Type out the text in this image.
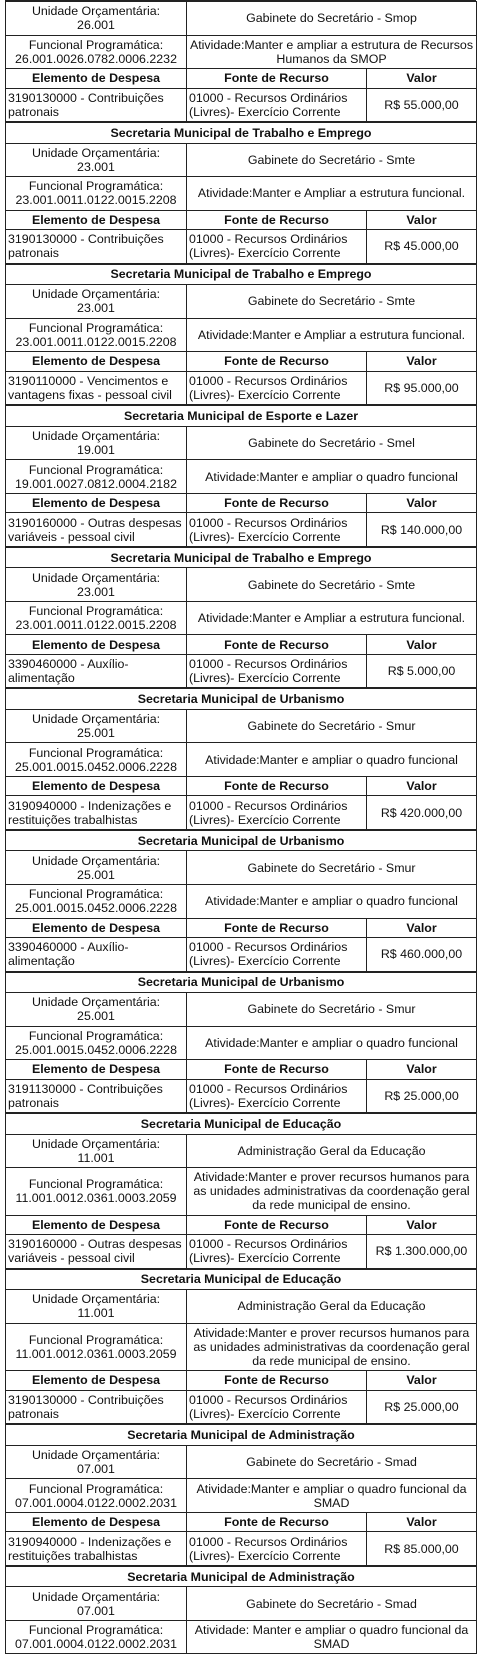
Unidade Orçamentária:
26.001	Gabinete do Secretário - Smop	
Funcional Programática:
26.001.0026.0782.0006.2232	Atividade:Manter e ampliar a estrutura de Recursos Humanos da SMOP	
Elemento de Despesa	Fonte de Recurso	Valor
3190130000 - Contribuições patronais	01000 - Recursos Ordinários (Livres)- Exercício Corrente	R$ 55.000,00
Secretaria Municipal de Trabalho e Emprego		
Unidade Orçamentária:
23.001	Gabinete do Secretário - Smte	
Funcional Programática:
23.001.0011.0122.0015.2208	Atividade:Manter e Ampliar a estrutura funcional.	
Elemento de Despesa	Fonte de Recurso	Valor
3190130000 - Contribuições patronais	01000 - Recursos Ordinários (Livres)- Exercício Corrente	R$ 45.000,00
Secretaria Municipal de Trabalho e Emprego		
Unidade Orçamentária:
23.001	Gabinete do Secretário - Smte	
Funcional Programática:
23.001.0011.0122.0015.2208	Atividade:Manter e Ampliar a estrutura funcional.	
Elemento de Despesa	Fonte de Recurso	Valor
3190110000 - Vencimentos e vantagens fixas - pessoal civil	01000 - Recursos Ordinários (Livres)- Exercício Corrente	R$ 95.000,00
Secretaria Municipal de Esporte e Lazer		
Unidade Orçamentária:
19.001	Gabinete do Secretário - Smel	
Funcional Programática:
19.001.0027.0812.0004.2182	Atividade:Manter e ampliar o quadro funcional	
Elemento de Despesa	Fonte de Recurso	Valor
3190160000 - Outras despesas variáveis - pessoal civil	01000 - Recursos Ordinários (Livres)- Exercício Corrente	R$ 140.000,00
Secretaria Municipal de Trabalho e Emprego		
Unidade Orçamentária:
23.001	Gabinete do Secretário - Smte	
Funcional Programática:
23.001.0011.0122.0015.2208	Atividade:Manter e Ampliar a estrutura funcional.	
Elemento de Despesa	Fonte de Recurso	Valor
3390460000 - Auxílio-alimentação	01000 - Recursos Ordinários (Livres)- Exercício Corrente	R$ 5.000,00
Secretaria Municipal de Urbanismo		
Unidade Orçamentária:
25.001	Gabinete do Secretário - Smur	
Funcional Programática:
25.001.0015.0452.0006.2228	Atividade:Manter e ampliar o quadro funcional	
Elemento de Despesa	Fonte de Recurso	Valor
3190940000 - Indenizações e restituições trabalhistas	01000 - Recursos Ordinários (Livres)- Exercício Corrente	R$ 420.000,00
Secretaria Municipal de Urbanismo		
Unidade Orçamentária:
25.001	Gabinete do Secretário - Smur	
Funcional Programática:
25.001.0015.0452.0006.2228	Atividade:Manter e ampliar o quadro funcional	
Elemento de Despesa	Fonte de Recurso	Valor
3390460000 - Auxílio-alimentação	01000 - Recursos Ordinários (Livres)- Exercício Corrente	R$ 460.000,00
Secretaria Municipal de Urbanismo		
Unidade Orçamentária:
25.001	Gabinete do Secretário - Smur	
Funcional Programática:
25.001.0015.0452.0006.2228	Atividade:Manter e ampliar o quadro funcional	
Elemento de Despesa	Fonte de Recurso	Valor
3191130000 - Contribuições patronais	01000 - Recursos Ordinários (Livres)- Exercício Corrente	R$ 25.000,00
Secretaria Municipal de Educação		
Unidade Orçamentária:
11.001	Administração Geral da Educação	
Funcional Programática:
11.001.0012.0361.0003.2059	Atividade:Manter e prover recursos humanos para as unidades administrativas da coordenação geral da rede municipal de ensino.	
Elemento de Despesa	Fonte de Recurso	Valor
3190160000 - Outras despesas variáveis - pessoal civil	01000 - Recursos Ordinários (Livres)- Exercício Corrente	R$ 1.300.000,00
Secretaria Municipal de Educação		
Unidade Orçamentária:
11.001	Administração Geral da Educação	
Funcional Programática:
11.001.0012.0361.0003.2059	Atividade:Manter e prover recursos humanos para as unidades administrativas da coordenação geral da rede municipal de ensino.	
Elemento de Despesa	Fonte de Recurso	Valor
3190130000 - Contribuições patronais	01000 - Recursos Ordinários (Livres)- Exercício Corrente	R$ 25.000,00
Secretaria Municipal de Administração		
Unidade Orçamentária:
07.001	Gabinete do Secretário - Smad	
Funcional Programática:
07.001.0004.0122.0002.2031	Atividade:Manter e ampliar o quadro funcional da SMAD	
Elemento de Despesa	Fonte de Recurso	Valor
3190940000 - Indenizações e restituições trabalhistas	01000 - Recursos Ordinários (Livres)- Exercício Corrente	R$ 85.000,00
Secretaria Municipal de Administração	
Unidade Orçamentária:
07.001	Gabinete do Secretário - Smad
Funcional Programática:
07.001.0004.0122.0002.2031	Atividade: Manter e ampliar o quadro funcional da SMAD
